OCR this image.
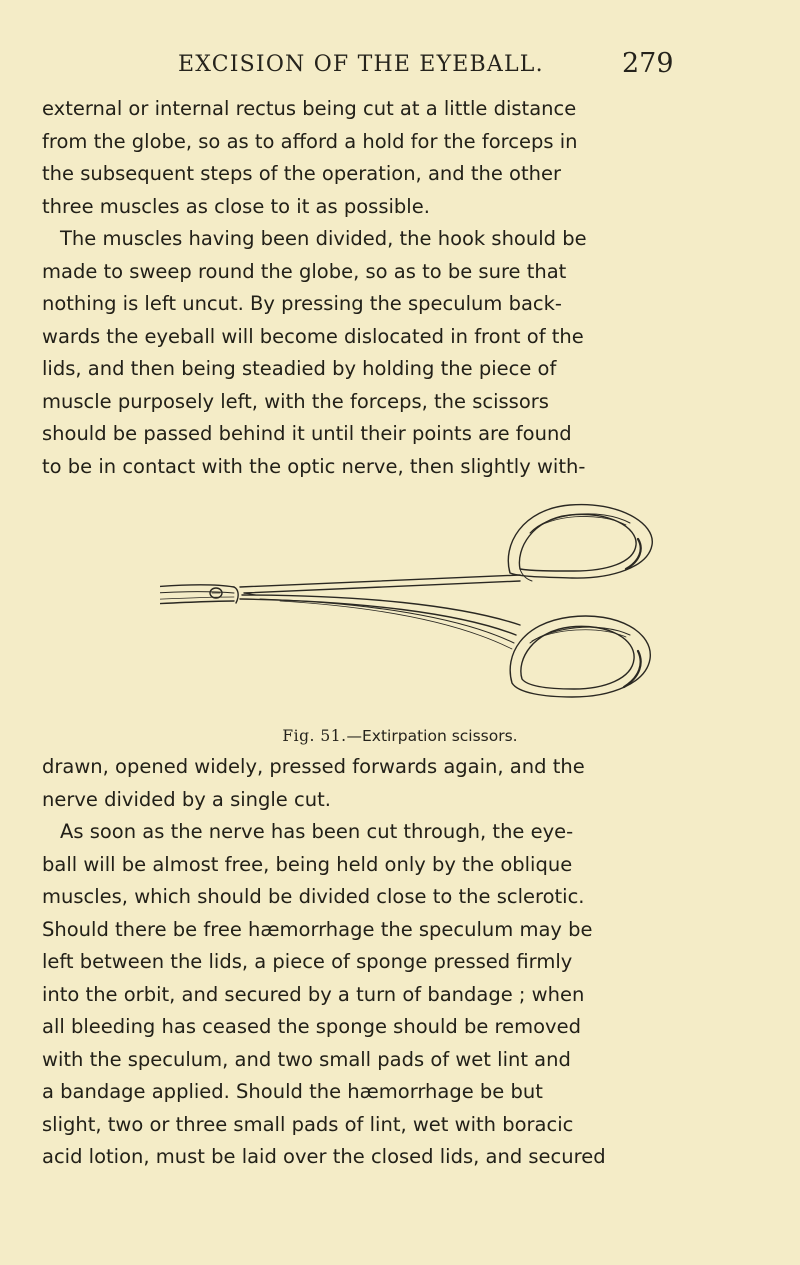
EXCISION OF THE EYEBALL.	279
external or internal rectus being cut at a little distance
from the globe, so as to afford a hold for the forceps in
the subsequent steps of the operation, and the other
three muscles as close to it as possible.
The muscles having been divided, the hook should be
made to sweep round the globe, so as to be sure that
nothing is left uncut. By pressing the speculum back-
wards the eyeball will become dislocated in front of the
lids, and then being steadied by holding the piece of
muscle purposely left, with the forceps, the scissors
should be passed behind it until their points are found
to be in contact with the optic nerve, then slightly with-
Fig. 51.—Extirpation scissors.
drawn, opened widely, pressed forwards again, and the
nerve divided by a single cut.
As soon as the nerve has been cut through, the eye-
ball will be almost free, being held only by the oblique
muscles, which should be divided close to the sclerotic.
Should there be free hæmorrhage the speculum may be
left between the lids, a piece of sponge pressed firmly
into the orbit, and secured by a turn of bandage ; when
all bleeding has ceased the sponge should be removed
with the speculum, and two small pads of wet lint and
a bandage applied. Should the hæmorrhage be but
slight, two or three small pads of lint, wet with boracic
acid lotion, must be laid over the closed lids, and secured
